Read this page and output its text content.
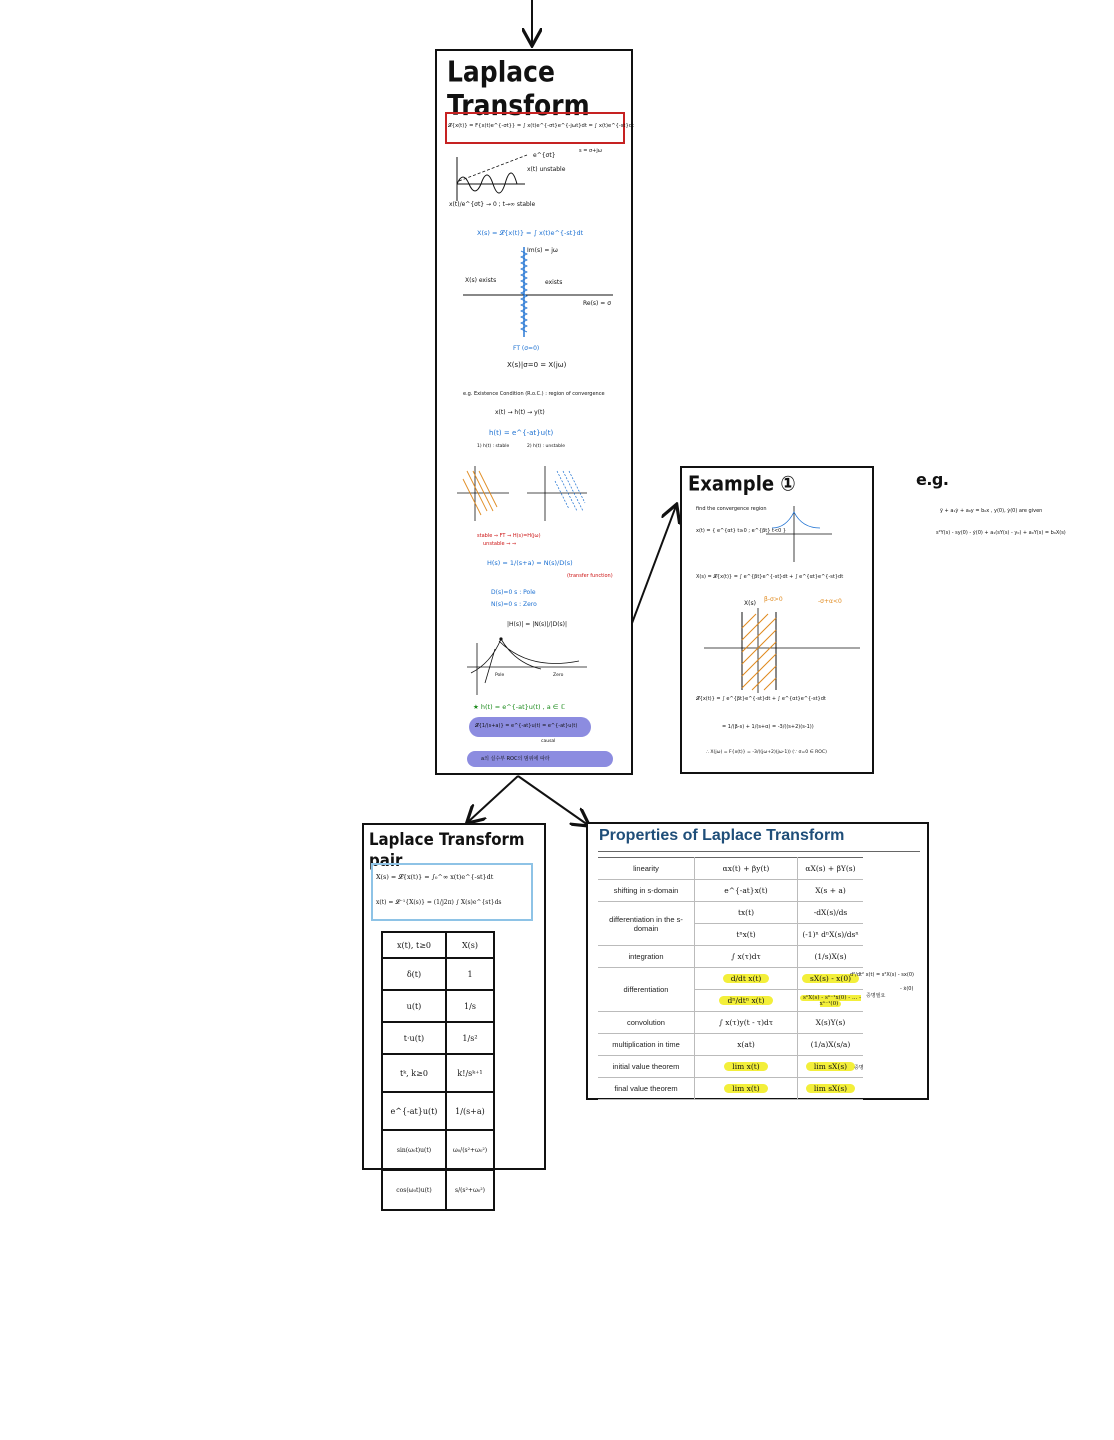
Laplace Transform
𝓛{x(t)} = F{x(t)e^{-σt}} = ∫ x(t)e^{-σt}e^{-jωt}dt = ∫ x(t)e^{-st}dt
s = σ+jω
e^{σt}
x(t) unstable
x(t)/e^{σt} → 0 ; t→∞ stable
X(s) = 𝓛{x(t)} = ∫ x(t)e^{-st}dt
Im(s) = jω
X(s) exists	exists
Re(s) = σ
FT (σ=0)
X(s)|σ=0 = X(jω)
e.g. Existence Condition (R.o.C.) : region of convergence
x(t) → h(t) → y(t)
h(t) = e^{-at}u(t)
1) h(t) : stable	2) h(t) : unstable
stable ⇒ FT ⇒ H(s)=H(jω)
unstable ⇒ ⇒
H(s) = 1/(s+a) = N(s)/D(s)
(transfer function)
D(s)=0 s : Pole
N(s)=0 s : Zero
|H(s)| = |N(s)|/|D(s)|
Pole	Zero
★ h(t) = e^{-at}u(t) , a ∈ ℂ
𝓛{1/(s+a)} = e^{-at}u(t) = e^{-at}u(t)
causal
a의 실수부 ROC의 범위에 따라
Example ①
find the convergence region
x(t) = { e^{αt} t≥0 ; e^{βt} t<0 }
X(s) = 𝓛{x(t)} = ∫ e^{βt}e^{-st}dt + ∫ e^{αt}e^{-st}dt
X(s)
β-σ>0	-σ+α<0
𝓛{x(t)} = ∫ e^{βt}e^{-st}dt + ∫ e^{αt}e^{-st}dt
= 1/(β-s) + 1/(s+α) = -3/((s+2)(s-1))
∴ X(jω) = F{x(t)} = -3/((jω+2)(jω-1)) (∵ σ=0 ∈ ROC)
e.g.
ÿ + a₁ẏ + a₀y = b₀x , y(0), ẏ(0) are given
s²Y(s) - sy(0) - ẏ(0) + a₁(sY(s) - y₀) + a₀Y(s) = b₀X(s)
Laplace Transform pair
X(s) = 𝓛{x(t)} = ∫₀^∞ x(t)e^{-st}dt
x(t) = 𝓛⁻¹{X(s)} = (1/j2π) ∫ X(s)e^{st}ds
x(t), t≥0	X(s)
δ(t)	1
u(t)	1/s
t·u(t)	1/s²
tᵏ, k≥0	k!/sᵏ⁺¹
e^{-at}u(t)	1/(s+a)
sin(ω₀t)u(t)	ω₀/(s²+ω₀²)
cos(ω₀t)u(t)	s/(s²+ω₀²)
Properties of Laplace Transform
linearity	αx(t) + βy(t)	αX(s) + βY(s)
shifting in s-domain	e^{-at}x(t)	X(s + a)
differentiation in the s-domain	tx(t)	-dX(s)/ds
	tⁿx(t)	(-1)ⁿ dⁿX(s)/dsⁿ
integration	∫ x(τ)dτ	(1/s)X(s)
differentiation	d/dt x(t)	sX(s) - x(0)
	dⁿ/dtⁿ x(t)	sⁿX(s) - sⁿ⁻¹x(0) - ... - xⁿ⁻¹(0)
convolution	∫ x(τ)y(t - τ)dτ	X(s)Y(s)
multiplication in time	x(at)	(1/a)X(s/a)
initial value theorem	lim x(t)	lim sX(s)
final value theorem	lim x(t)	lim sX(s)
d²/dt² x(t) = s²X(s) - sx(0)
- ẋ(0)
증명필요
증명
